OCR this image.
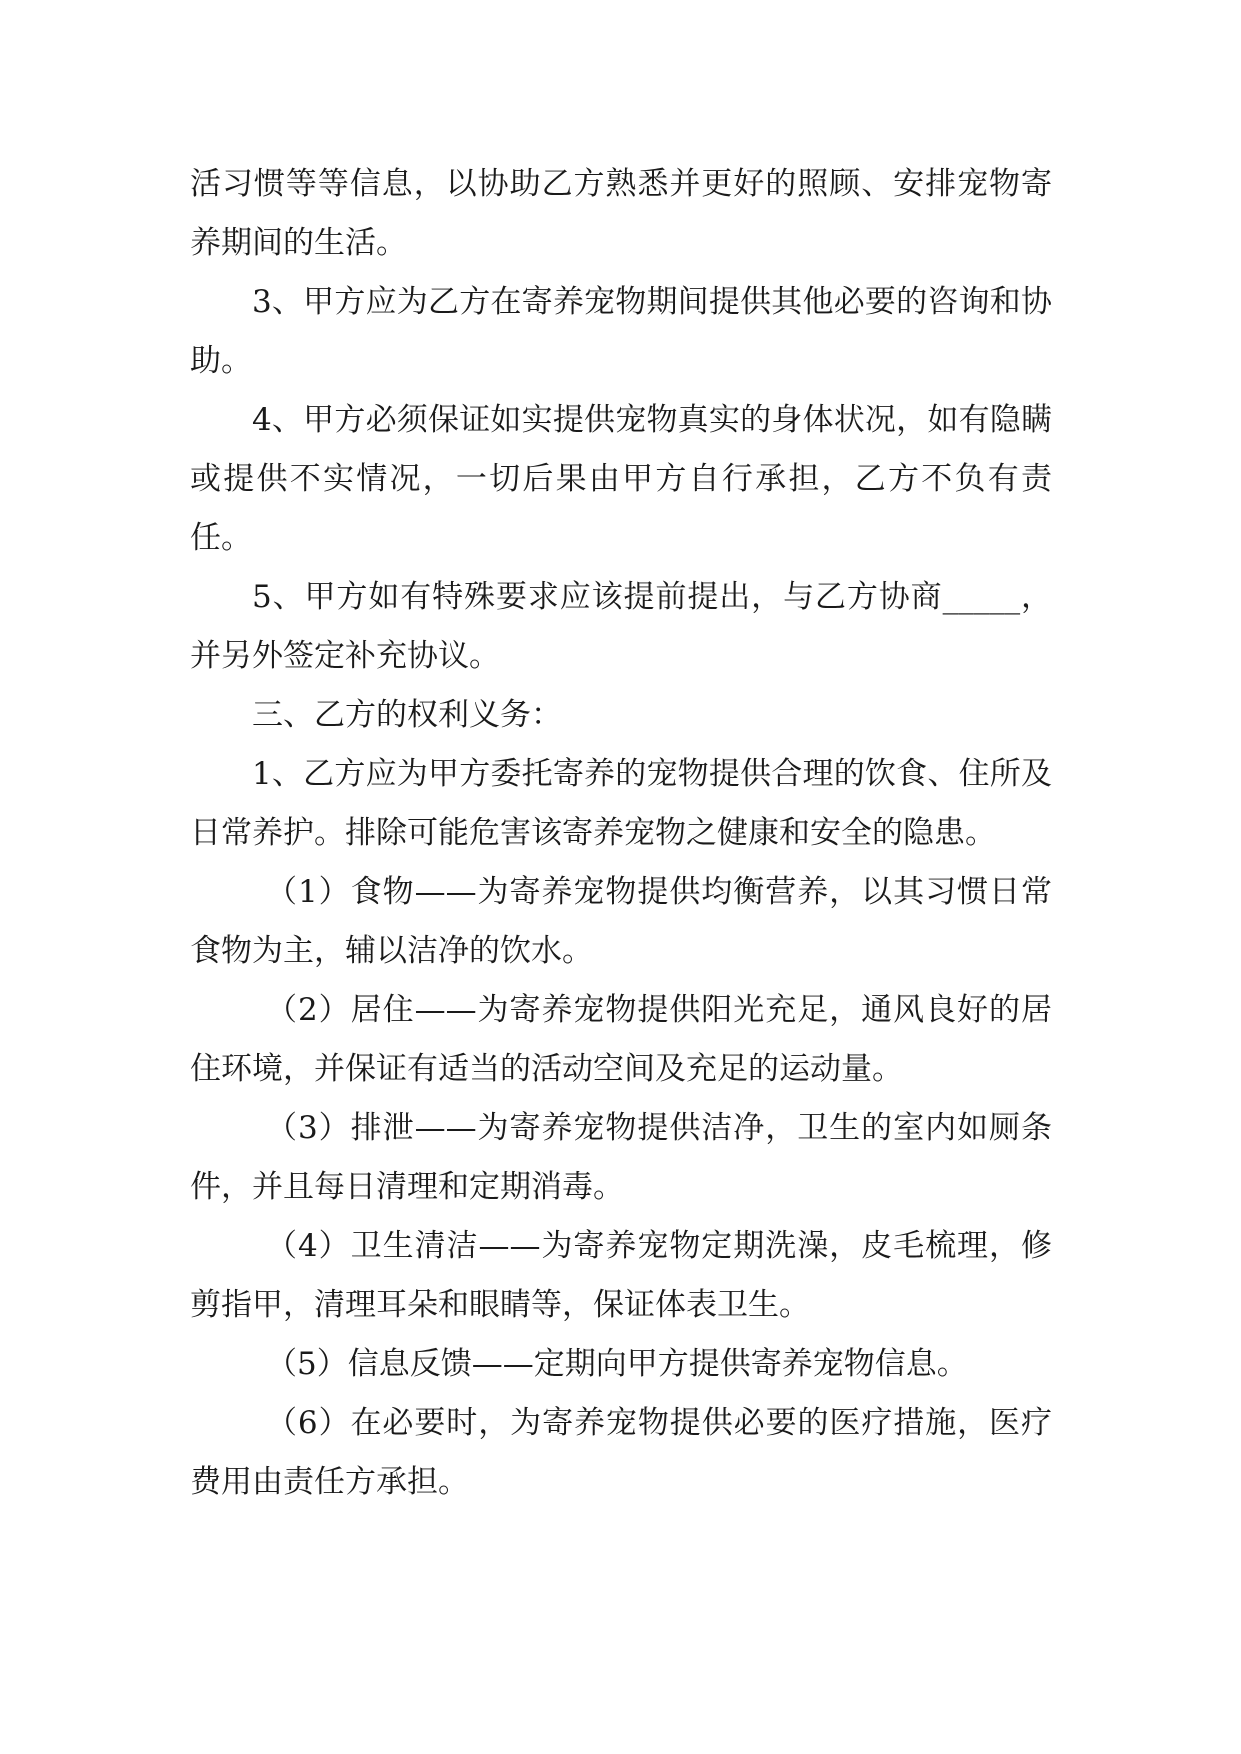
活习惯等等信息，以协助乙方熟悉并更好的照顾、安排宠物寄养期间的生活。

3、甲方应为乙方在寄养宠物期间提供其他必要的咨询和协助。

4、甲方必须保证如实提供宠物真实的身体状况，如有隐瞒或提供不实情况，一切后果由甲方自行承担，乙方不负有责任。

5、甲方如有特殊要求应该提前提出，与乙方协商_____，并另外签定补充协议。

三、乙方的权利义务：

1、乙方应为甲方委托寄养的宠物提供合理的饮食、住所及日常养护。排除可能危害该寄养宠物之健康和安全的隐患。

（1）食物——为寄养宠物提供均衡营养，以其习惯日常食物为主，辅以洁净的饮水。

（2）居住——为寄养宠物提供阳光充足，通风良好的居住环境，并保证有适当的活动空间及充足的运动量。

（3）排泄——为寄养宠物提供洁净，卫生的室内如厕条件，并且每日清理和定期消毒。

（4）卫生清洁——为寄养宠物定期洗澡，皮毛梳理，修剪指甲，清理耳朵和眼睛等，保证体表卫生。

（5）信息反馈——定期向甲方提供寄养宠物信息。

（6）在必要时，为寄养宠物提供必要的医疗措施，医疗费用由责任方承担。
